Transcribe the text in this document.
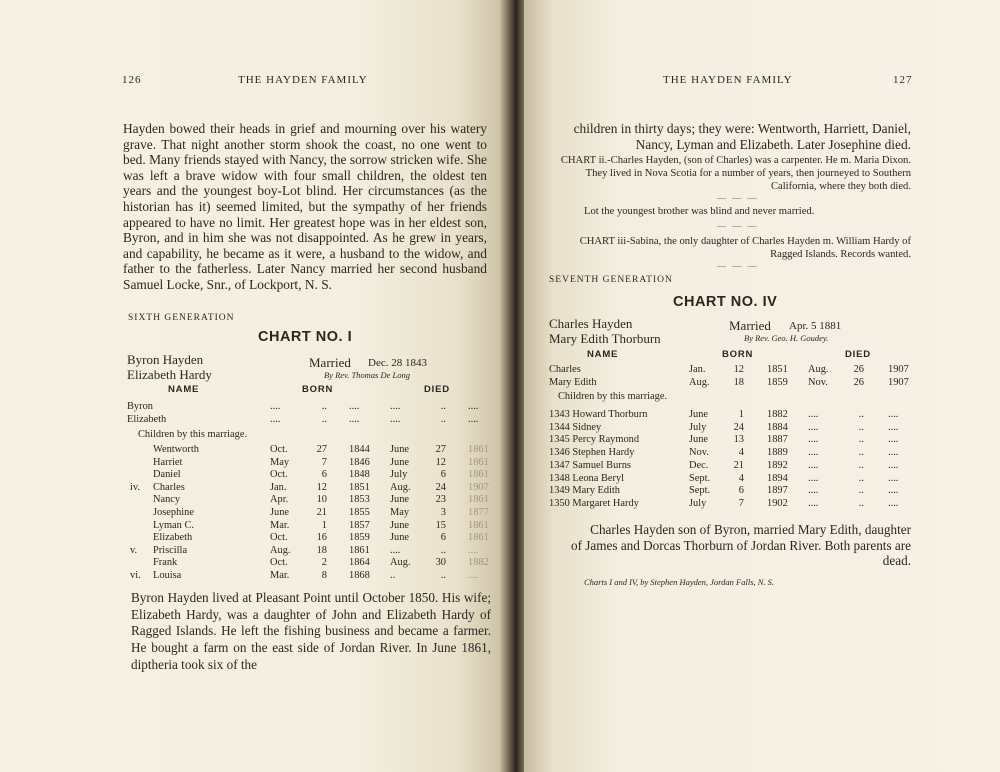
126	THE HAYDEN FAMILY
Hayden bowed their heads in grief and mourning over his watery grave. That night another storm shook the coast, no one went to bed. Many friends stayed with Nancy, the sorrow stricken wife. She was left a brave widow with four small children, the oldest ten years and the youngest boy-Lot blind. Her circumstances (as the historian has it) seemed limited, but the sympathy of her friends appeared to have no limit. Her greatest hope was in her eldest son, Byron, and in him she was not disappointed. As he grew in years, and capability, he became as it were, a husband to the widow, and father to the fatherless. Later Nancy married her second husband Samuel Locke, Snr., of Lockport, N. S.
SIXTH GENERATION
CHART NO. I
Byron Hayden
Elizabeth Hardy
Married Dec. 28 1843
By Rev. Thomas De Long
NAME	BORN	DIED
Byron	....	.. ....	....	.. ....
Elizabeth	....	.. ....	....	.. ....
Children by this marriage.
Wentworth	Oct.	27 1844 June	27 1861
Harriet	May	7 1846 June	12 1861
Daniel	Oct.	6 1848 July	6 1861
iv. Charles	Jan.	12 1851 Aug.	24 1907
Nancy	Apr.	10 1853 June	23 1861
Josephine	June	21 1855 May	3 1877
Lyman C.	Mar.	1 1857 June	15 1861
Elizabeth	Oct.	16 1859 June	6 1861
v. Priscilla	Aug.	18 1861 ....	.. ....
Frank	Oct.	2 1864 Aug.	30 1882
vi. Louisa	Mar.	8 1868 ..	.. ....
Byron Hayden lived at Pleasant Point until October 1850. His wife; Elizabeth Hardy, was a daughter of John and Elizabeth Hardy of Ragged Islands. He left the fishing business and became a farmer. He bought a farm on the east side of Jordan River. In June 1861, diptheria took six of the
THE HAYDEN FAMILY	127
children in thirty days; they were: Wentworth, Harriett, Daniel, Nancy, Lyman and Elizabeth. Later Josephine died.
CHART ii.-Charles Hayden, (son of Charles) was a carpenter. He m. Maria Dixon. They lived in Nova Scotia for a number of years, then journeyed to Southern California, where they both died.
— — —
Lot the youngest brother was blind and never married.
— — —
CHART iii-Sabina, the only daughter of Charles Hayden m. William Hardy of Ragged Islands. Records wanted.
— — —
SEVENTH GENERATION
CHART NO. IV
Charles Hayden
Mary Edith Thorburn
Married Apr. 5 1881
By Rev. Geo. H. Goudey.
NAME	BORN	DIED
Charles	Jan.	12 1851 Aug.	26 1907
Mary Edith	Aug.	18 1859 Nov.	26 1907
Children by this marriage.
1343 Howard Thorburn	June	1 1882 ....	.. ....
1344 Sidney	July	24 1884 ....	.. ....
1345 Percy Raymond	June	13 1887 ....	.. ....
1346 Stephen Hardy	Nov.	4 1889 ....	.. ....
1347 Samuel Burns	Dec.	21 1892 ....	.. ....
1348 Leona Beryl	Sept.	4 1894 ....	.. ....
1349 Mary Edith	Sept.	6 1897 ....	.. ....
1350 Margaret Hardy	July	7 1902 ....	.. ....
Charles Hayden son of Byron, married Mary Edith, daughter of James and Dorcas Thorburn of Jordan River. Both parents are dead.
Charts I and IV, by Stephen Hayden, Jordan Falls, N. S.
